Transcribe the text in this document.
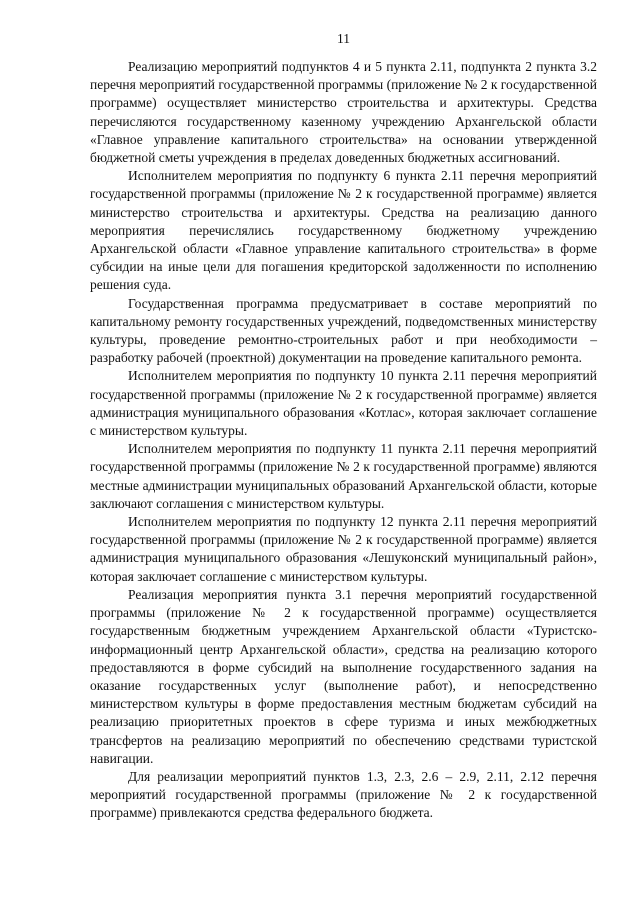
11

Реализацию мероприятий подпунктов 4 и 5 пункта 2.11, подпункта 2 пункта 3.2 перечня мероприятий государственной программы (приложение № 2 к государственной программе) осуществляет министерство строительства и архитектуры. Средства перечисляются государственному казенному учреждению Архангельской области «Главное управление капитального строительства» на основании утвержденной бюджетной сметы учреждения в пределах доведенных бюджетных ассигнований.

Исполнителем мероприятия по подпункту 6 пункта 2.11 перечня мероприятий государственной программы (приложение № 2 к государственной программе) является министерство строительства и архитектуры. Средства на реализацию данного мероприятия перечислялись государственному бюджетному учреждению Архангельской области «Главное управление капитального строительства» в форме субсидии на иные цели для погашения кредиторской задолженности по исполнению решения суда.

Государственная программа предусматривает в составе мероприятий по капитальному ремонту государственных учреждений, подведомственных министерству культуры, проведение ремонтно-строительных работ и при необходимости – разработку рабочей (проектной) документации на проведение капитального ремонта.

Исполнителем мероприятия по подпункту 10 пункта 2.11 перечня мероприятий государственной программы (приложение № 2 к государственной программе) является администрация муниципального образования «Котлас», которая заключает соглашение с министерством культуры.

Исполнителем мероприятия по подпункту 11 пункта 2.11 перечня мероприятий государственной программы (приложение № 2 к государственной программе) являются местные администрации муниципальных образований Архангельской области, которые заключают соглашения с министерством культуры.

Исполнителем мероприятия по подпункту 12 пункта 2.11 перечня мероприятий государственной программы (приложение № 2 к государственной программе) является администрация муниципального образования «Лешуконский муниципальный район», которая заключает соглашение с министерством культуры.

Реализация мероприятия пункта 3.1 перечня мероприятий государственной программы (приложение № 2 к государственной программе) осуществляется государственным бюджетным учреждением Архангельской области «Туристско-информационный центр Архангельской области», средства на реализацию которого предоставляются в форме субсидий на выполнение государственного задания на оказание государственных услуг (выполнение работ), и непосредственно министерством культуры в форме предоставления местным бюджетам субсидий на реализацию приоритетных проектов в сфере туризма и иных межбюджетных трансфертов на реализацию мероприятий по обеспечению средствами туристской навигации.

Для реализации мероприятий пунктов 1.3, 2.3, 2.6 – 2.9, 2.11, 2.12 перечня мероприятий государственной программы (приложение № 2 к государственной программе) привлекаются средства федерального бюджета.
